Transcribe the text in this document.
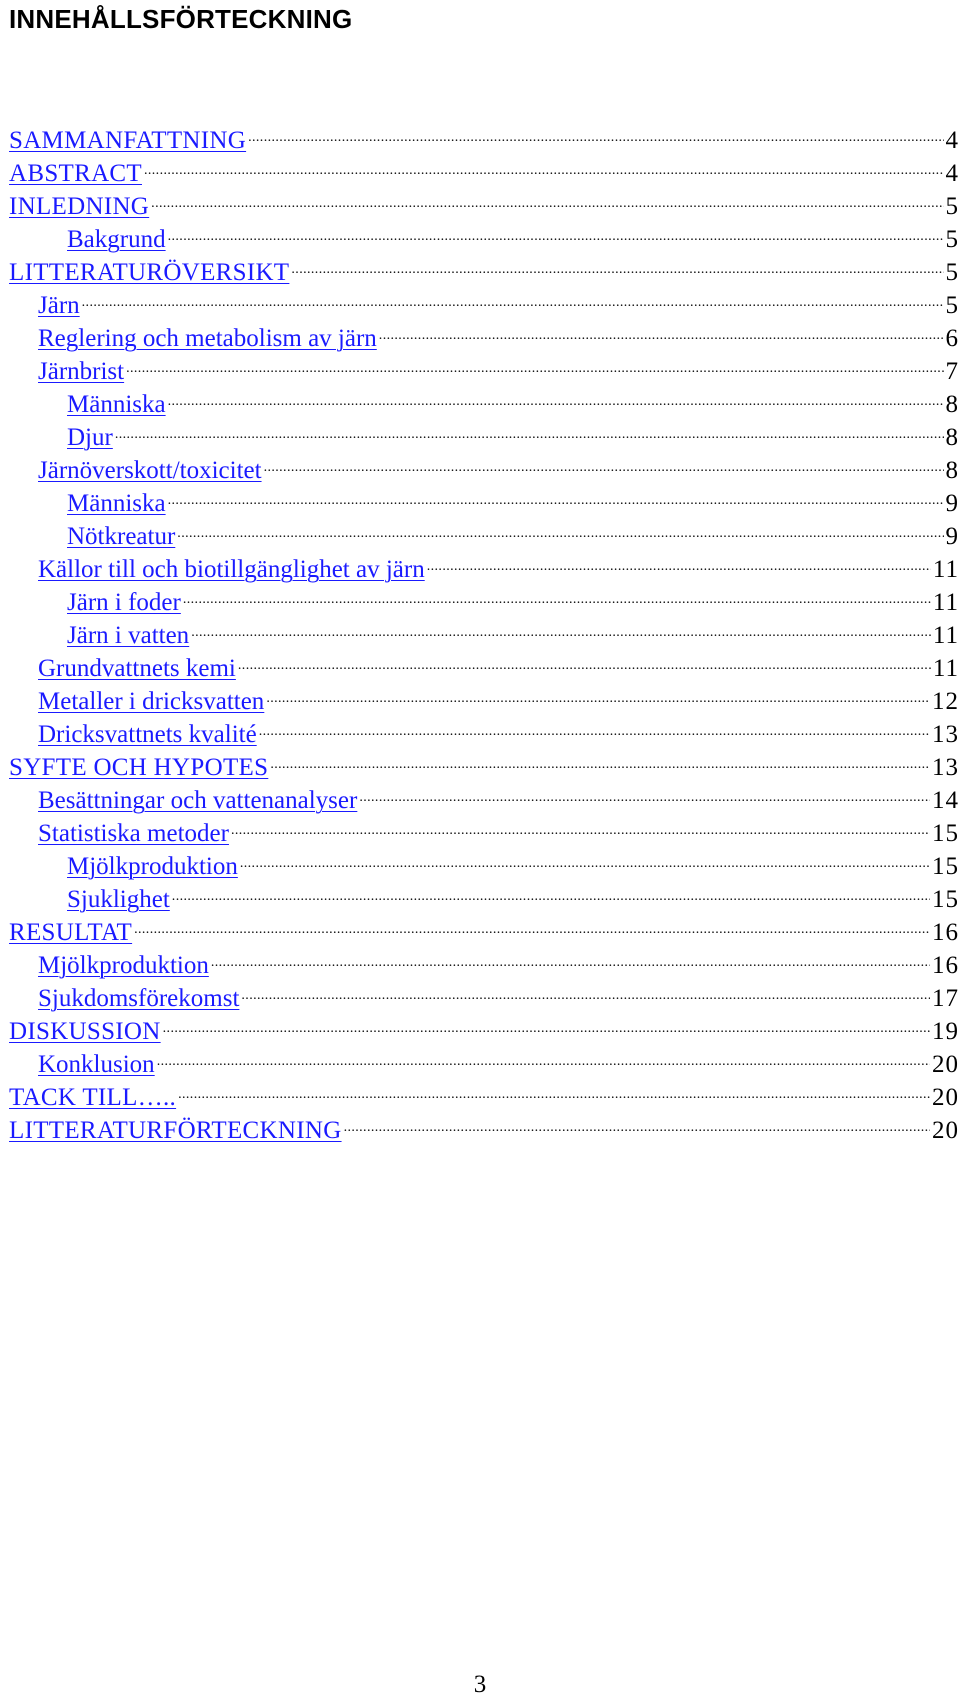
INNEHÅLLSFÖRTECKNING
SAMMANFATTNING .....	4
ABSTRACT .....	4
INLEDNING .....	5
Bakgrund .....	5
LITTERATURÖVERSIKT .....	5
Järn .....	5
Reglering och metabolism av järn .....	6
Järnbrist .....	7
Människa .....	8
Djur .....	8
Järnöverskott/toxicitet .....	8
Människa .....	9
Nötkreatur .....	9
Källor till och biotillgänglighet av järn .....	11
Järn i foder .....	11
Järn i vatten .....	11
Grundvattnets kemi .....	11
Metaller i dricksvatten .....	12
Dricksvattnets kvalité .....	13
SYFTE OCH HYPOTES .....	13
Besättningar och vattenanalyser .....	14
Statistiska metoder .....	15
Mjölkproduktion .....	15
Sjuklighet .....	15
RESULTAT .....	16
Mjölkproduktion .....	16
Sjukdomsförekomst .....	17
DISKUSSION .....	19
Konklusion .....	20
TACK TILL….. .....	20
LITTERATURFÖRTECKNING .....	20

3
